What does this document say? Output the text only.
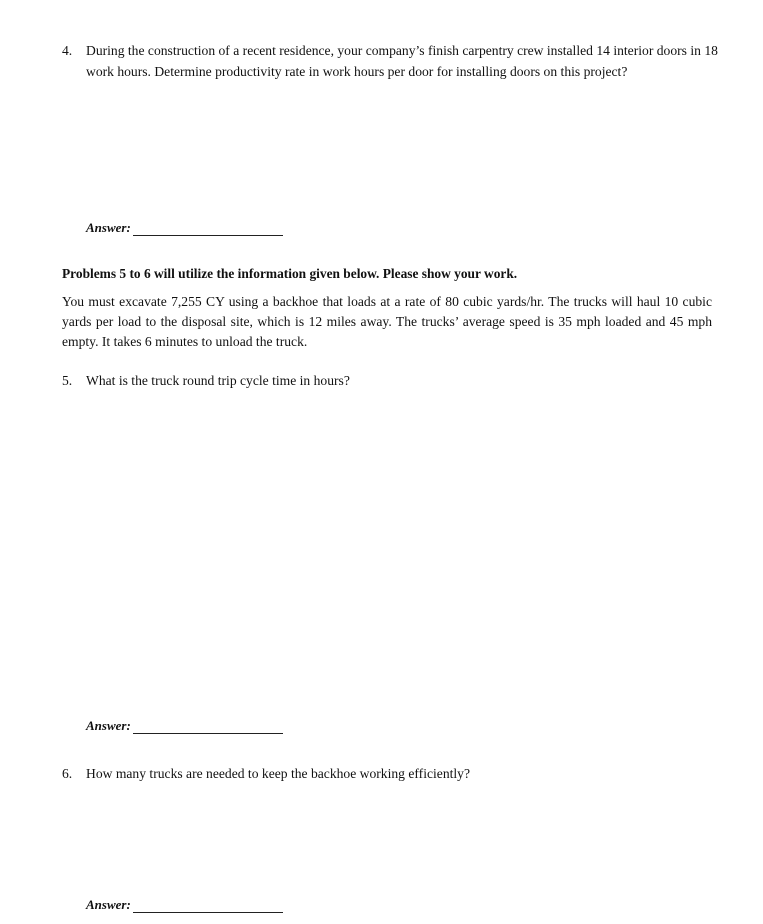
4.	During the construction of a recent residence, your company’s finish carpentry crew installed 14 interior doors in 18 work hours. Determine productivity rate in work hours per door for installing doors on this project?
Answer:
Problems 5 to 6 will utilize the information given below. Please show your work.
You must excavate 7,255 CY using a backhoe that loads at a rate of 80 cubic yards/hr. The trucks will haul 10 cubic yards per load to the disposal site, which is 12 miles away. The trucks’ average speed is 35 mph loaded and 45 mph empty. It takes 6 minutes to unload the truck.
5.	What is the truck round trip cycle time in hours?
Answer:
6.	How many trucks are needed to keep the backhoe working efficiently?
Answer:
